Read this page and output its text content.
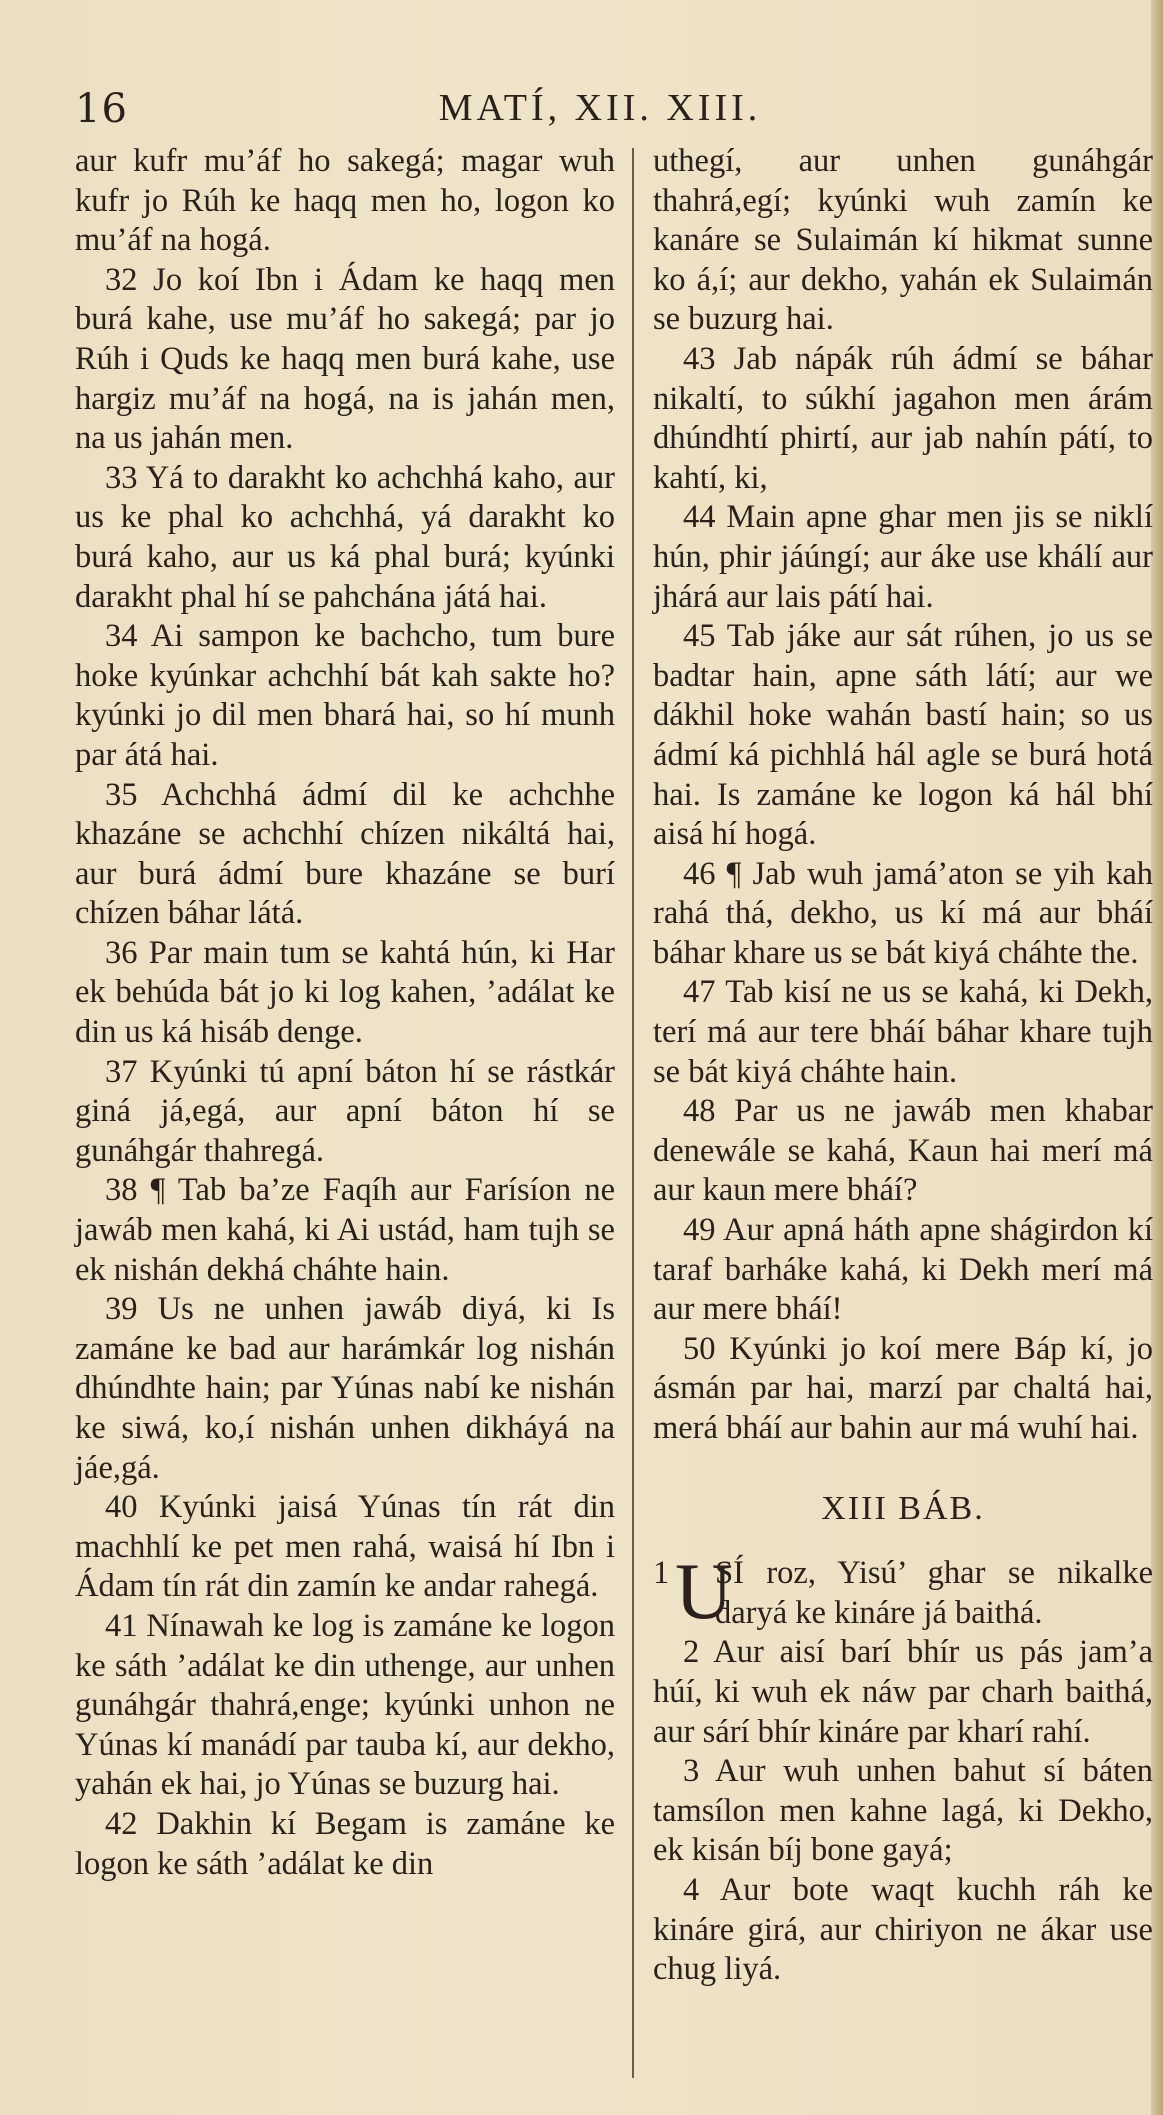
16	MATÍ, XII. XIII.

aur kufr mu’áf ho sakegá; magar wuh kufr jo Rúh ke haqq men ho, logon ko mu’áf na hogá.

32 Jo koí Ibn i Ádam ke haqq men burá kahe, use mu’áf ho sakegá; par jo Rúh i Quds ke haqq men burá kahe, use hargiz mu’áf na hogá, na is jahán men, na us jahán men.

33 Yá to darakht ko achchhá kaho, aur us ke phal ko achchhá, yá darakht ko burá kaho, aur us ká phal burá; kyúnki darakht phal hí se pahchána játá hai.

34 Ai sampon ke bachcho, tum bure hoke kyúnkar achchhí bát kah sakte ho? kyúnki jo dil men bhará hai, so hí munh par átá hai.

35 Achchhá ádmí dil ke achchhe khazáne se achchhí chízen nikáltá hai, aur burá ádmí bure khazáne se burí chízen báhar látá.

36 Par main tum se kahtá hún, ki Har ek behúda bát jo ki log kahen, ’adálat ke din us ká hisáb denge.

37 Kyúnki tú apní báton hí se rástkár giná já,egá, aur apní báton hí se gunáhgár thahregá.

38 ¶ Tab ba’ze Faqíh aur Farísíon ne jawáb men kahá, ki Ai ustád, ham tujh se ek nishán dekhá cháhte hain.

39 Us ne unhen jawáb diyá, ki Is zamáne ke bad aur harámkár log nishán dhúndhte hain; par Yúnas nabí ke nishán ke siwá, ko,í nishán unhen dikháyá na jáe,gá.

40 Kyúnki jaisá Yúnas tín rát din machhlí ke pet men rahá, waisá hí Ibn i Ádam tín rát din zamín ke andar rahegá.

41 Nínawah ke log is zamáne ke logon ke sáth ’adálat ke din uthenge, aur unhen gunáhgár thahrá,enge; kyúnki unhon ne Yúnas kí manádí par tauba kí, aur dekho, yahán ek hai, jo Yúnas se buzurg hai.

42 Dakhin kí Begam is zamáne ke logon ke sáth ’adálat ke din

uthegí, aur unhen gunáhgár thahrá,egí; kyúnki wuh zamín ke kanáre se Sulaimán kí hikmat sunne ko á,í; aur dekho, yahán ek Sulaimán se buzurg hai.

43 Jab nápák rúh ádmí se báhar nikaltí, to súkhí jagahon men árám dhúndhtí phirtí, aur jab nahín pátí, to kahtí, ki,

44 Main apne ghar men jis se niklí hún, phir jáúngí; aur áke use khálí aur jhárá aur lais pátí hai.

45 Tab jáke aur sát rúhen, jo us se badtar hain, apne sáth látí; aur we dákhil hoke wahán bastí hain; so us ádmí ká pichhlá hál agle se burá hotá hai. Is zamáne ke logon ká hál bhí aisá hí hogá.

46 ¶ Jab wuh jamá’aton se yih kah rahá thá, dekho, us kí má aur bháí báhar khare us se bát kiyá cháhte the.

47 Tab kisí ne us se kahá, ki Dekh, terí má aur tere bháí báhar khare tujh se bát kiyá cháhte hain.

48 Par us ne jawáb men khabar denewále se kahá, Kaun hai merí má aur kaun mere bháí?

49 Aur apná háth apne shágirdon kí taraf barháke kahá, ki Dekh merí má aur mere bháí!

50 Kyúnki jo koí mere Báp kí, jo ásmán par hai, marzí par chaltá hai, merá bháí aur bahin aur má wuhí hai.

XIII BÁB.

1 U
SÍ roz, Yisú’ ghar se nikalke daryá ke kináre já baithá.

2 Aur aisí barí bhír us pás jam’a húí, ki wuh ek náw par charh baithá, aur sárí bhír kináre par kharí rahí.

3 Aur wuh unhen bahut sí báten tamsílon men kahne lagá, ki Dekho, ek kisán bíj bone gayá;

4 Aur bote waqt kuchh ráh ke kináre girá, aur chiriyon ne ákar use chug liyá.
